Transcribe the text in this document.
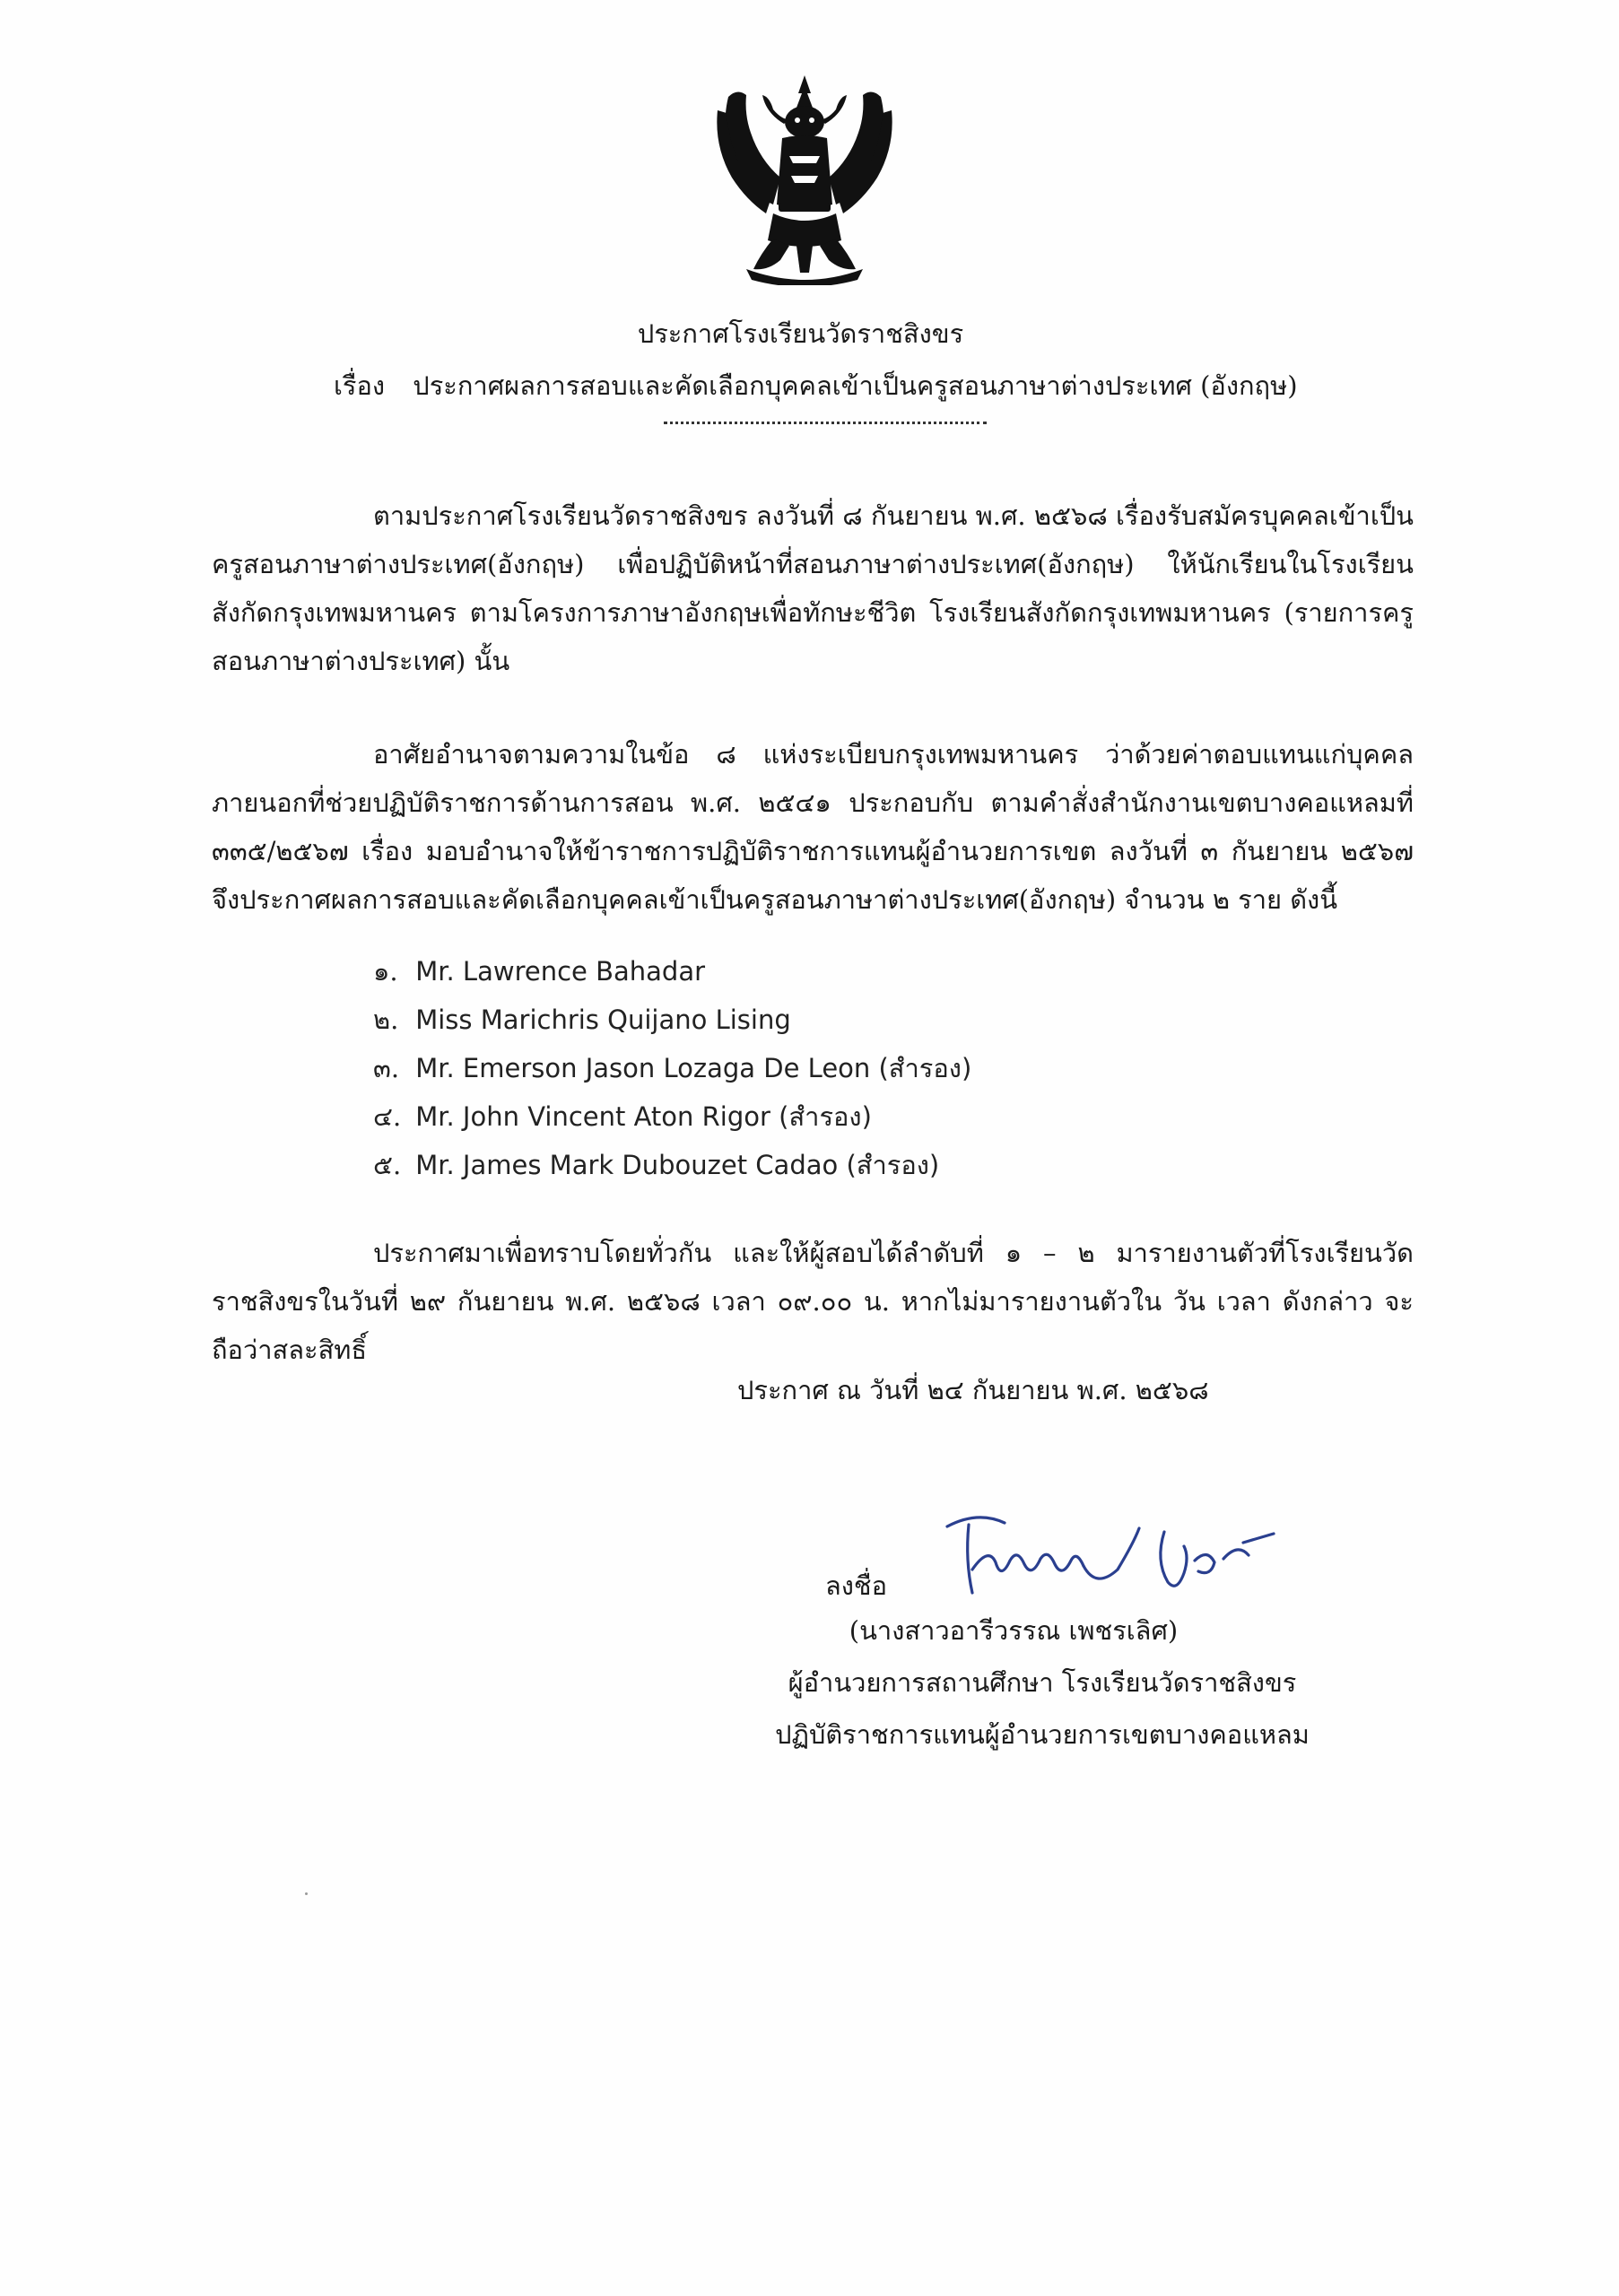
ประกาศโรงเรียนวัดราชสิงขร
เรื่อง ประกาศผลการสอบและคัดเลือกบุคคลเข้าเป็นครูสอนภาษาต่างประเทศ (อังกฤษ)
ตามประกาศโรงเรียนวัดราชสิงขร ลงวันที่ ๘ กันยายน พ.ศ. ๒๕๖๘ เรื่องรับสมัครบุคคลเข้าเป็นครูสอนภาษาต่างประเทศ(อังกฤษ) เพื่อปฏิบัติหน้าที่สอนภาษาต่างประเทศ(อังกฤษ) ให้นักเรียนในโรงเรียนสังกัดกรุงเทพมหานคร ตามโครงการภาษาอังกฤษเพื่อทักษะชีวิต โรงเรียนสังกัดกรุงเทพมหานคร (รายการครูสอนภาษาต่างประเทศ) นั้น
อาศัยอำนาจตามความในข้อ ๘ แห่งระเบียบกรุงเทพมหานคร ว่าด้วยค่าตอบแทนแก่บุคคลภายนอกที่ช่วยปฏิบัติราชการด้านการสอน พ.ศ. ๒๕๔๑ ประกอบกับ ตามคำสั่งสำนักงานเขตบางคอแหลมที่ ๓๓๕/๒๕๖๗ เรื่อง มอบอำนาจให้ข้าราชการปฏิบัติราชการแทนผู้อำนวยการเขต ลงวันที่ ๓ กันยายน ๒๕๖๗ จึงประกาศผลการสอบและคัดเลือกบุคคลเข้าเป็นครูสอนภาษาต่างประเทศ(อังกฤษ) จำนวน ๒ ราย ดังนี้
๑. Mr. Lawrence Bahadar
๒. Miss Marichris Quijano Lising
๓. Mr. Emerson Jason Lozaga De Leon (สำรอง)
๔. Mr. John Vincent Aton Rigor (สำรอง)
๕. Mr. James Mark Dubouzet Cadao (สำรอง)
ประกาศมาเพื่อทราบโดยทั่วกัน และให้ผู้สอบได้ลำดับที่ ๑ – ๒ มารายงานตัวที่โรงเรียนวัดราชสิงขรในวันที่ ๒๙ กันยายน พ.ศ. ๒๕๖๘ เวลา ๐๙.๐๐ น. หากไม่มารายงานตัวใน วัน เวลา ดังกล่าว จะถือว่าสละสิทธิ์
ประกาศ ณ วันที่ ๒๔ กันยายน พ.ศ. ๒๕๖๘
ลงชื่อ
(นางสาวอารีวรรณ เพชรเลิศ)
ผู้อำนวยการสถานศึกษา โรงเรียนวัดราชสิงขร
ปฏิบัติราชการแทนผู้อำนวยการเขตบางคอแหลม
